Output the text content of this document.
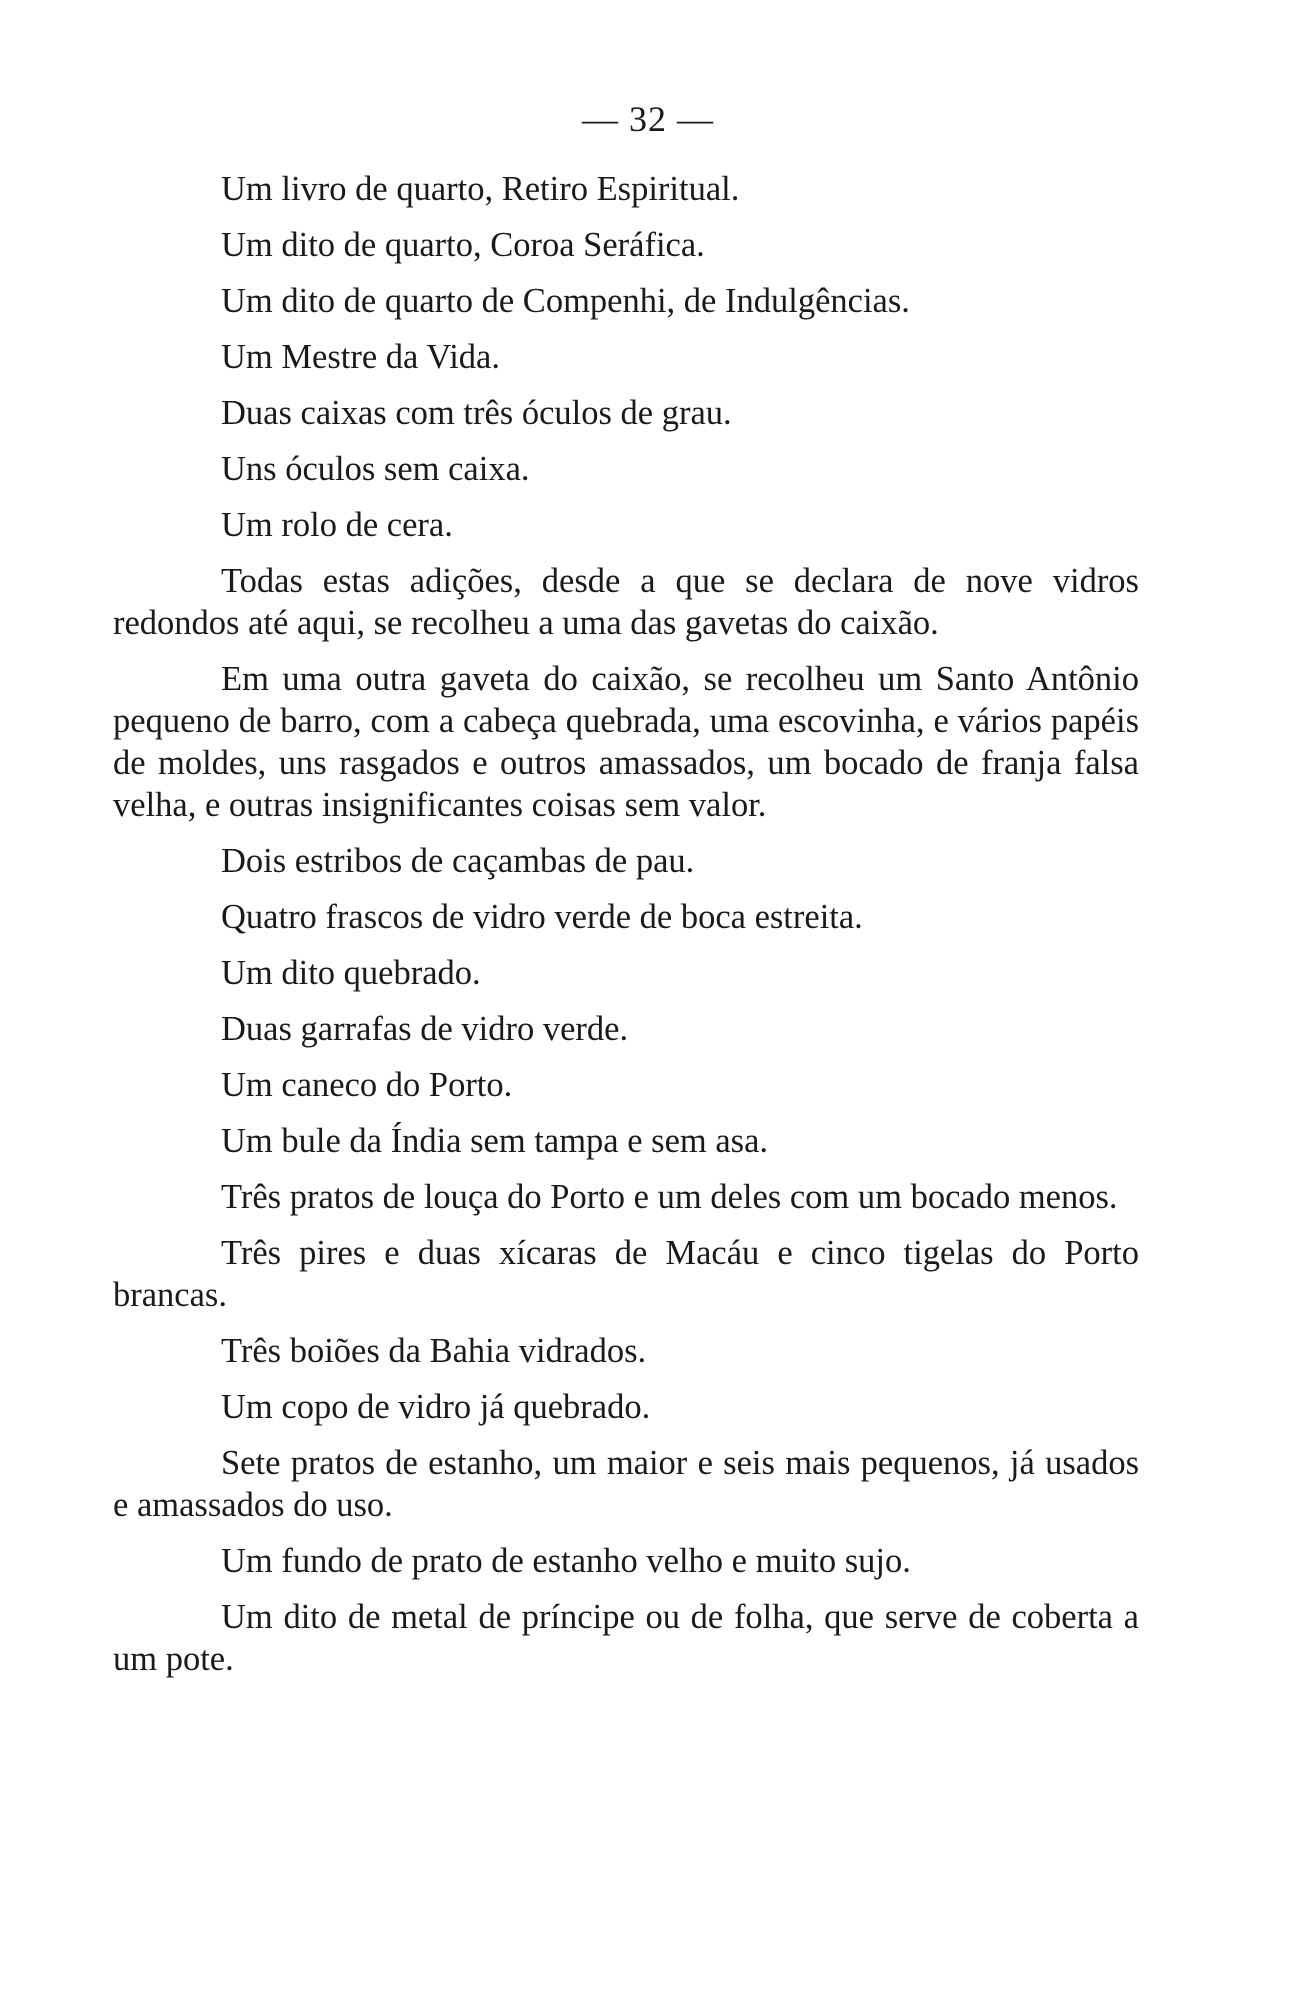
— 32 —

Um livro de quarto, Retiro Espiritual.

Um dito de quarto, Coroa Seráfica.

Um dito de quarto de Compenhi, de Indulgências.

Um Mestre da Vida.

Duas caixas com três óculos de grau.

Uns óculos sem caixa.

Um rolo de cera.

Todas estas adições, desde a que se declara de nove vidros redondos até aqui, se recolheu a uma das gavetas do caixão.

Em uma outra gaveta do caixão, se recolheu um Santo Antônio pequeno de barro, com a cabeça quebrada, uma escovinha, e vários papéis de moldes, uns rasgados e outros amassados, um bocado de franja falsa velha, e outras insignificantes coisas sem valor.

Dois estribos de caçambas de pau.

Quatro frascos de vidro verde de boca estreita.

Um dito quebrado.

Duas garrafas de vidro verde.

Um caneco do Porto.

Um bule da Índia sem tampa e sem asa.

Três pratos de louça do Porto e um deles com um bocado menos.

Três pires e duas xícaras de Macáu e cinco tigelas do Porto brancas.

Três boiões da Bahia vidrados.

Um copo de vidro já quebrado.

Sete pratos de estanho, um maior e seis mais pequenos, já usados e amassados do uso.

Um fundo de prato de estanho velho e muito sujo.

Um dito de metal de príncipe ou de folha, que serve de coberta a um pote.
